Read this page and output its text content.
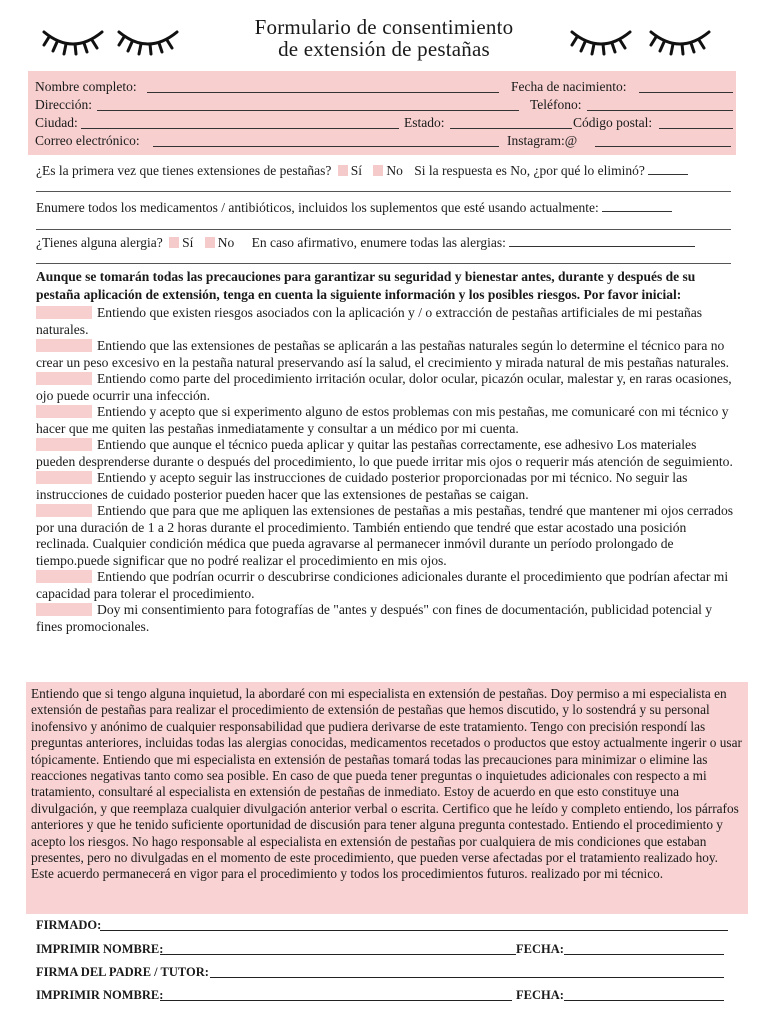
Formulario de consentimiento
de extensión de pestañas
Nombre completo:	Fecha de nacimiento:
Dirección:	Teléfono:
Ciudad:	Estado:	Código postal:
Correo electrónico:	Instagram:@
¿Es la primera vez que tienes extensiones de pestañas? Sí No Si la respuesta es No, ¿por qué lo eliminó?
Enumere todos los medicamentos / antibióticos, incluidos los suplementos que esté usando actualmente:
¿Tienes alguna alergia? Sí No En caso afirmativo, enumere todas las alergias:
Aunque se tomarán todas las precauciones para garantizar su seguridad y bienestar antes, durante y después de su pestaña aplicación de extensión, tenga en cuenta la siguiente información y los posibles riesgos. Por favor inicial:
Entiendo que existen riesgos asociados con la aplicación y / o extracción de pestañas artificiales de mi pestañas naturales.
Entiendo que las extensiones de pestañas se aplicarán a las pestañas naturales según lo determine el técnico para no crear un peso excesivo en la pestaña natural preservando así la salud, el crecimiento y mirada natural de mis pestañas naturales.
Entiendo como parte del procedimiento irritación ocular, dolor ocular, picazón ocular, malestar y, en raras ocasiones, ojo puede ocurrir una infección.
Entiendo y acepto que si experimento alguno de estos problemas con mis pestañas, me comunicaré con mi técnico y hacer que me quiten las pestañas inmediatamente y consultar a un médico por mi cuenta.
Entiendo que aunque el técnico pueda aplicar y quitar las pestañas correctamente, ese adhesivo Los materiales pueden desprenderse durante o después del procedimiento, lo que puede irritar mis ojos o requerir más atención de seguimiento.
Entiendo y acepto seguir las instrucciones de cuidado posterior proporcionadas por mi técnico. No seguir las instrucciones de cuidado posterior pueden hacer que las extensiones de pestañas se caigan.
Entiendo que para que me apliquen las extensiones de pestañas a mis pestañas, tendré que mantener mi ojos cerrados por una duración de 1 a 2 horas durante el procedimiento. También entiendo que tendré que estar acostado una posición reclinada. Cualquier condición médica que pueda agravarse al permanecer inmóvil durante un período prolongado de tiempo.puede significar que no podré realizar el procedimiento en mis ojos.
Entiendo que podrían ocurrir o descubrirse condiciones adicionales durante el procedimiento que podrían afectar mi capacidad para tolerar el procedimiento.
Doy mi consentimiento para fotografías de "antes y después" con fines de documentación, publicidad potencial y fines promocionales.
Entiendo que si tengo alguna inquietud, la abordaré con mi especialista en extensión de pestañas. Doy permiso a mi especialista en extensión de pestañas para realizar el procedimiento de extensión de pestañas que hemos discutido, y lo sostendrá y su personal inofensivo y anónimo de cualquier responsabilidad que pudiera derivarse de este tratamiento. Tengo con precisión respondí las preguntas anteriores, incluidas todas las alergias conocidas, medicamentos recetados o productos que estoy actualmente ingerir o usar tópicamente. Entiendo que mi especialista en extensión de pestañas tomará todas las precauciones para minimizar o elimine las reacciones negativas tanto como sea posible. En caso de que pueda tener preguntas o inquietudes adicionales con respecto a mi tratamiento, consultaré al especialista en extensión de pestañas de inmediato. Estoy de acuerdo en que esto constituye una divulgación, y que reemplaza cualquier divulgación anterior verbal o escrita. Certifico que he leído y completo entiendo, los párrafos anteriores y que he tenido suficiente oportunidad de discusión para tener alguna pregunta contestado. Entiendo el procedimiento y acepto los riesgos. No hago responsable al especialista en extensión de pestañas por cualquiera de mis condiciones que estaban presentes, pero no divulgadas en el momento de este procedimiento, que pueden verse afectadas por el tratamiento realizado hoy. Este acuerdo permanecerá en vigor para el procedimiento y todos los procedimientos futuros. realizado por mi técnico.
FIRMADO:
IMPRIMIR NOMBRE:	FECHA:
FIRMA DEL PADRE / TUTOR:
IMPRIMIR NOMBRE:	FECHA:
